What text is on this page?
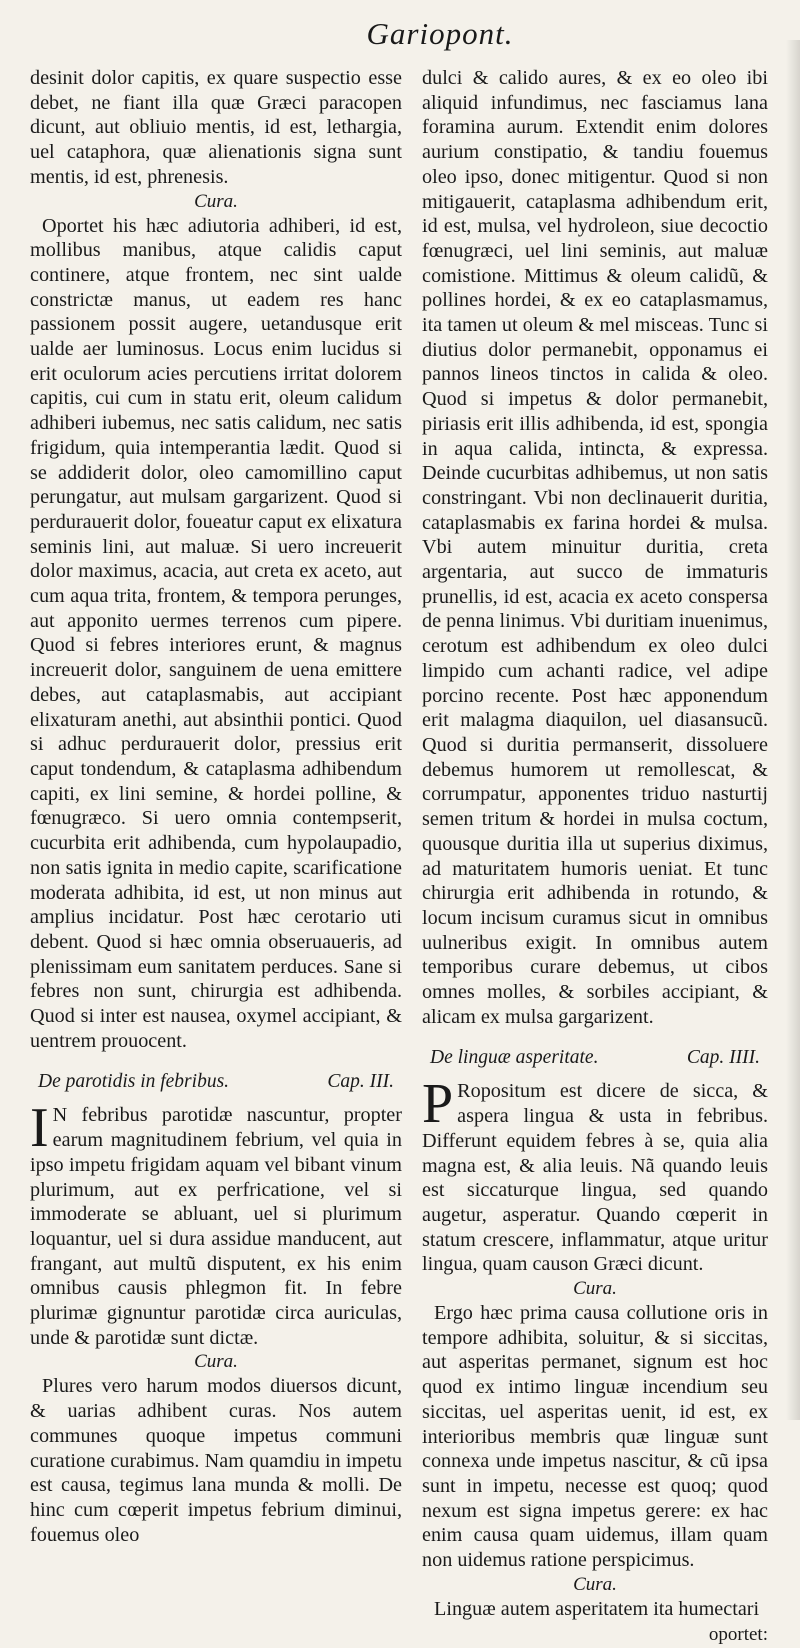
Gariopont.

desinit dolor capitis, ex quare suspectio esse debet, ne fiant illa quæ Græci paracopen dicunt, aut obliuio mentis, id est, lethargia, uel cataphora, quæ alienationis signa sunt mentis, id est, phrenesis.

Cura.

Oportet his hæc adiutoria adhiberi, id est, mollibus manibus, atque calidis caput continere, atque frontem, nec sint ualde constrictæ manus, ut eadem res hanc passionem possit augere, uetandusque erit ualde aer luminosus. Locus enim lucidus si erit oculorum acies percutiens irritat dolorem capitis, cui cum in statu erit, oleum calidum adhiberi iubemus, nec satis calidum, nec satis frigidum, quia intemperantia lædit. Quod si se addiderit dolor, oleo camomillino caput perungatur, aut mulsam gargarizent. Quod si perdurauerit dolor, foueatur caput ex elixatura seminis lini, aut maluæ. Si uero increuerit dolor maximus, acacia, aut creta ex aceto, aut cum aqua trita, frontem, & tempora perunges, aut apponito uermes terrenos cum pipere. Quod si febres interiores erunt, & magnus increuerit dolor, sanguinem de uena emittere debes, aut cataplasmabis, aut accipiant elixaturam anethi, aut absinthii pontici. Quod si adhuc perdurauerit dolor, pressius erit caput tondendum, & cataplasma adhibendum capiti, ex lini semine, & hordei polline, & fœnugræco. Si uero omnia contempserit, cucurbita erit adhibenda, cum hypolaupadio, non satis ignita in medio capite, scarificatione moderata adhibita, id est, ut non minus aut amplius incidatur. Post hæc cerotario uti debent. Quod si hæc omnia obseruaueris, ad plenissimam eum sanitatem perduces. Sane si febres non sunt, chirurgia est adhibenda. Quod si inter est nausea, oxymel accipiant, & uentrem prouocent.

De parotidis in febribus.	Cap. III.

I N febribus parotidæ nascuntur, propter earum magnitudinem febrium, vel quia in ipso impetu frigidam aquam vel bibant vinum plurimum, aut ex perfricatione, vel si immoderate se abluant, uel si plurimum loquantur, uel si dura assidue manducent, aut frangant, aut multũ disputent, ex his enim omnibus causis phlegmon fit. In febre plurimæ gignuntur parotidæ circa auriculas, unde & parotidæ sunt dictæ.

Cura.

Plures vero harum modos diuersos dicunt, & uarias adhibent curas. Nos autem communes quoque impetus communi curatione curabimus. Nam quamdiu in impetu est causa, tegimus lana munda & molli. De hinc cum cœperit impetus febrium diminui, fouemus oleo

dulci & calido aures, & ex eo oleo ibi aliquid infundimus, nec fasciamus lana foramina aurum. Extendit enim dolores aurium constipatio, & tandiu fouemus oleo ipso, donec mitigentur. Quod si non mitigauerit, cataplasma adhibendum erit, id est, mulsa, vel hydroleon, siue decoctio fœnugræci, uel lini seminis, aut maluæ comistione. Mittimus & oleum calidũ, & pollines hordei, & ex eo cataplasmamus, ita tamen ut oleum & mel misceas. Tunc si diutius dolor permanebit, opponamus ei pannos lineos tinctos in calida & oleo. Quod si impetus & dolor permanebit, piriasis erit illis adhibenda, id est, spongia in aqua calida, intincta, & expressa. Deinde cucurbitas adhibemus, ut non satis constringant. Vbi non declinauerit duritia, cataplasmabis ex farina hordei & mulsa. Vbi autem minuitur duritia, creta argentaria, aut succo de immaturis prunellis, id est, acacia ex aceto conspersa de penna linimus. Vbi duritiam inuenimus, cerotum est adhibendum ex oleo dulci limpido cum achanti radice, vel adipe porcino recente. Post hæc apponendum erit malagma diaquilon, uel diasansucũ. Quod si duritia permanserit, dissoluere debemus humorem ut remollescat, & corrumpatur, apponentes triduo nasturtij semen tritum & hordei in mulsa coctum, quousque duritia illa ut superius diximus, ad maturitatem humoris ueniat. Et tunc chirurgia erit adhibenda in rotundo, & locum incisum curamus sicut in omnibus uulneribus exigit. In omnibus autem temporibus curare debemus, ut cibos omnes molles, & sorbiles accipiant, & alicam ex mulsa gargarizent.

De linguæ asperitate.	Cap. IIII.

P Ropositum est dicere de sicca, & aspera lingua & usta in febribus. Differunt equidem febres à se, quia alia magna est, & alia leuis. Nã quando leuis est siccaturque lingua, sed quando augetur, asperatur. Quando cœperit in statum crescere, inflammatur, atque uritur lingua, quam causon Græci dicunt.

Cura.

Ergo hæc prima causa collutione oris in tempore adhibita, soluitur, & si siccitas, aut asperitas permanet, signum est hoc quod ex intimo linguæ incendium seu siccitas, uel asperitas uenit, id est, ex interioribus membris quæ linguæ sunt connexa unde impetus nascitur, & cũ ipsa sunt in impetu, necesse est quoq; quod nexum est signa impetus gerere: ex hac enim causa quam uidemus, illam quam non uidemus ratione perspicimus.

Cura.

Linguæ autem asperitatem ita humectari

oportet:
